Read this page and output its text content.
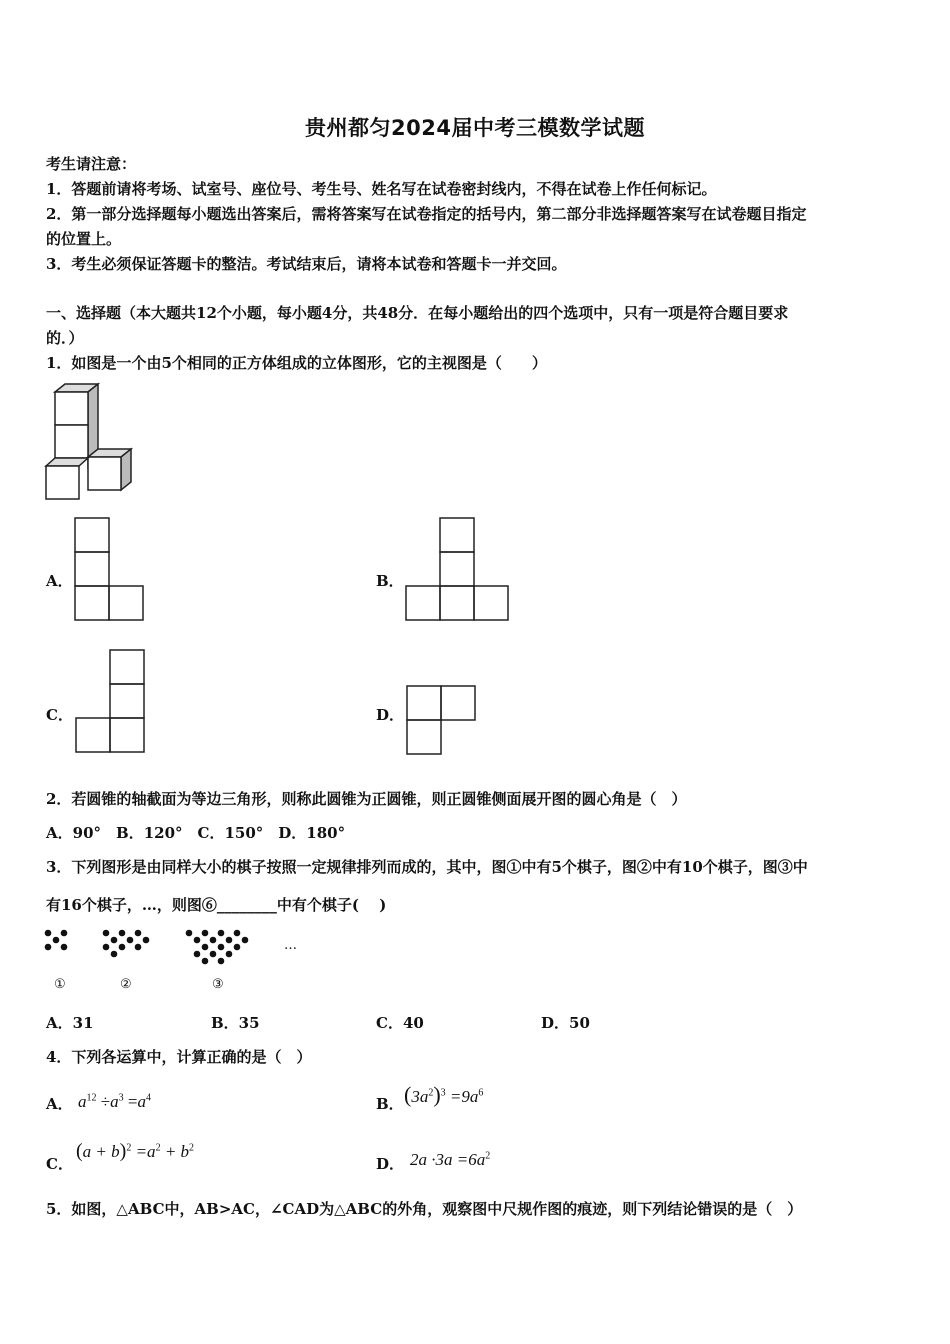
贵州都匀2024届中考三模数学试题
考生请注意：
1．答题前请将考场、试室号、座位号、考生号、姓名写在试卷密封线内，不得在试卷上作任何标记。
2．第一部分选择题每小题选出答案后，需将答案写在试卷指定的括号内，第二部分非选择题答案写在试卷题目指定
的位置上。
3．考生必须保证答题卡的整洁。考试结束后，请将本试卷和答题卡一并交回。
一、选择题（本大题共12个小题，每小题4分，共48分．在每小题给出的四个选项中，只有一项是符合题目要求
的．）
1．如图是一个由5个相同的正方体组成的立体图形，它的主视图是（　　）
A．	B．
C．	D．
2．若圆锥的轴截面为等边三角形，则称此圆锥为正圆锥，则正圆锥侧面展开图的圆心角是（　）
A．90°　B．120°　C．150°　D．180°
3．下列图形是由同样大小的棋子按照一定规律排列而成的，其中，图①中有5个棋子，图②中有10个棋子，图③中
有16个棋子，…，则图⑥________中有个棋子(　 )
…
①	②	③
A．31	B．35	C．40	D．50
4．下列各运算中，计算正确的是（　）
A． $a^{12} \div a^3 =a^4$	B． $(3a^2)^3 =9a^6$
C．
$(a + b)^2 =a^2 + b^2$
D． $2a \cdot 3a =6a^2$
5．如图，△ABC中，AB>AC，∠CAD为△ABC的外角，观察图中尺规作图的痕迹，则下列结论错误的是（　）
